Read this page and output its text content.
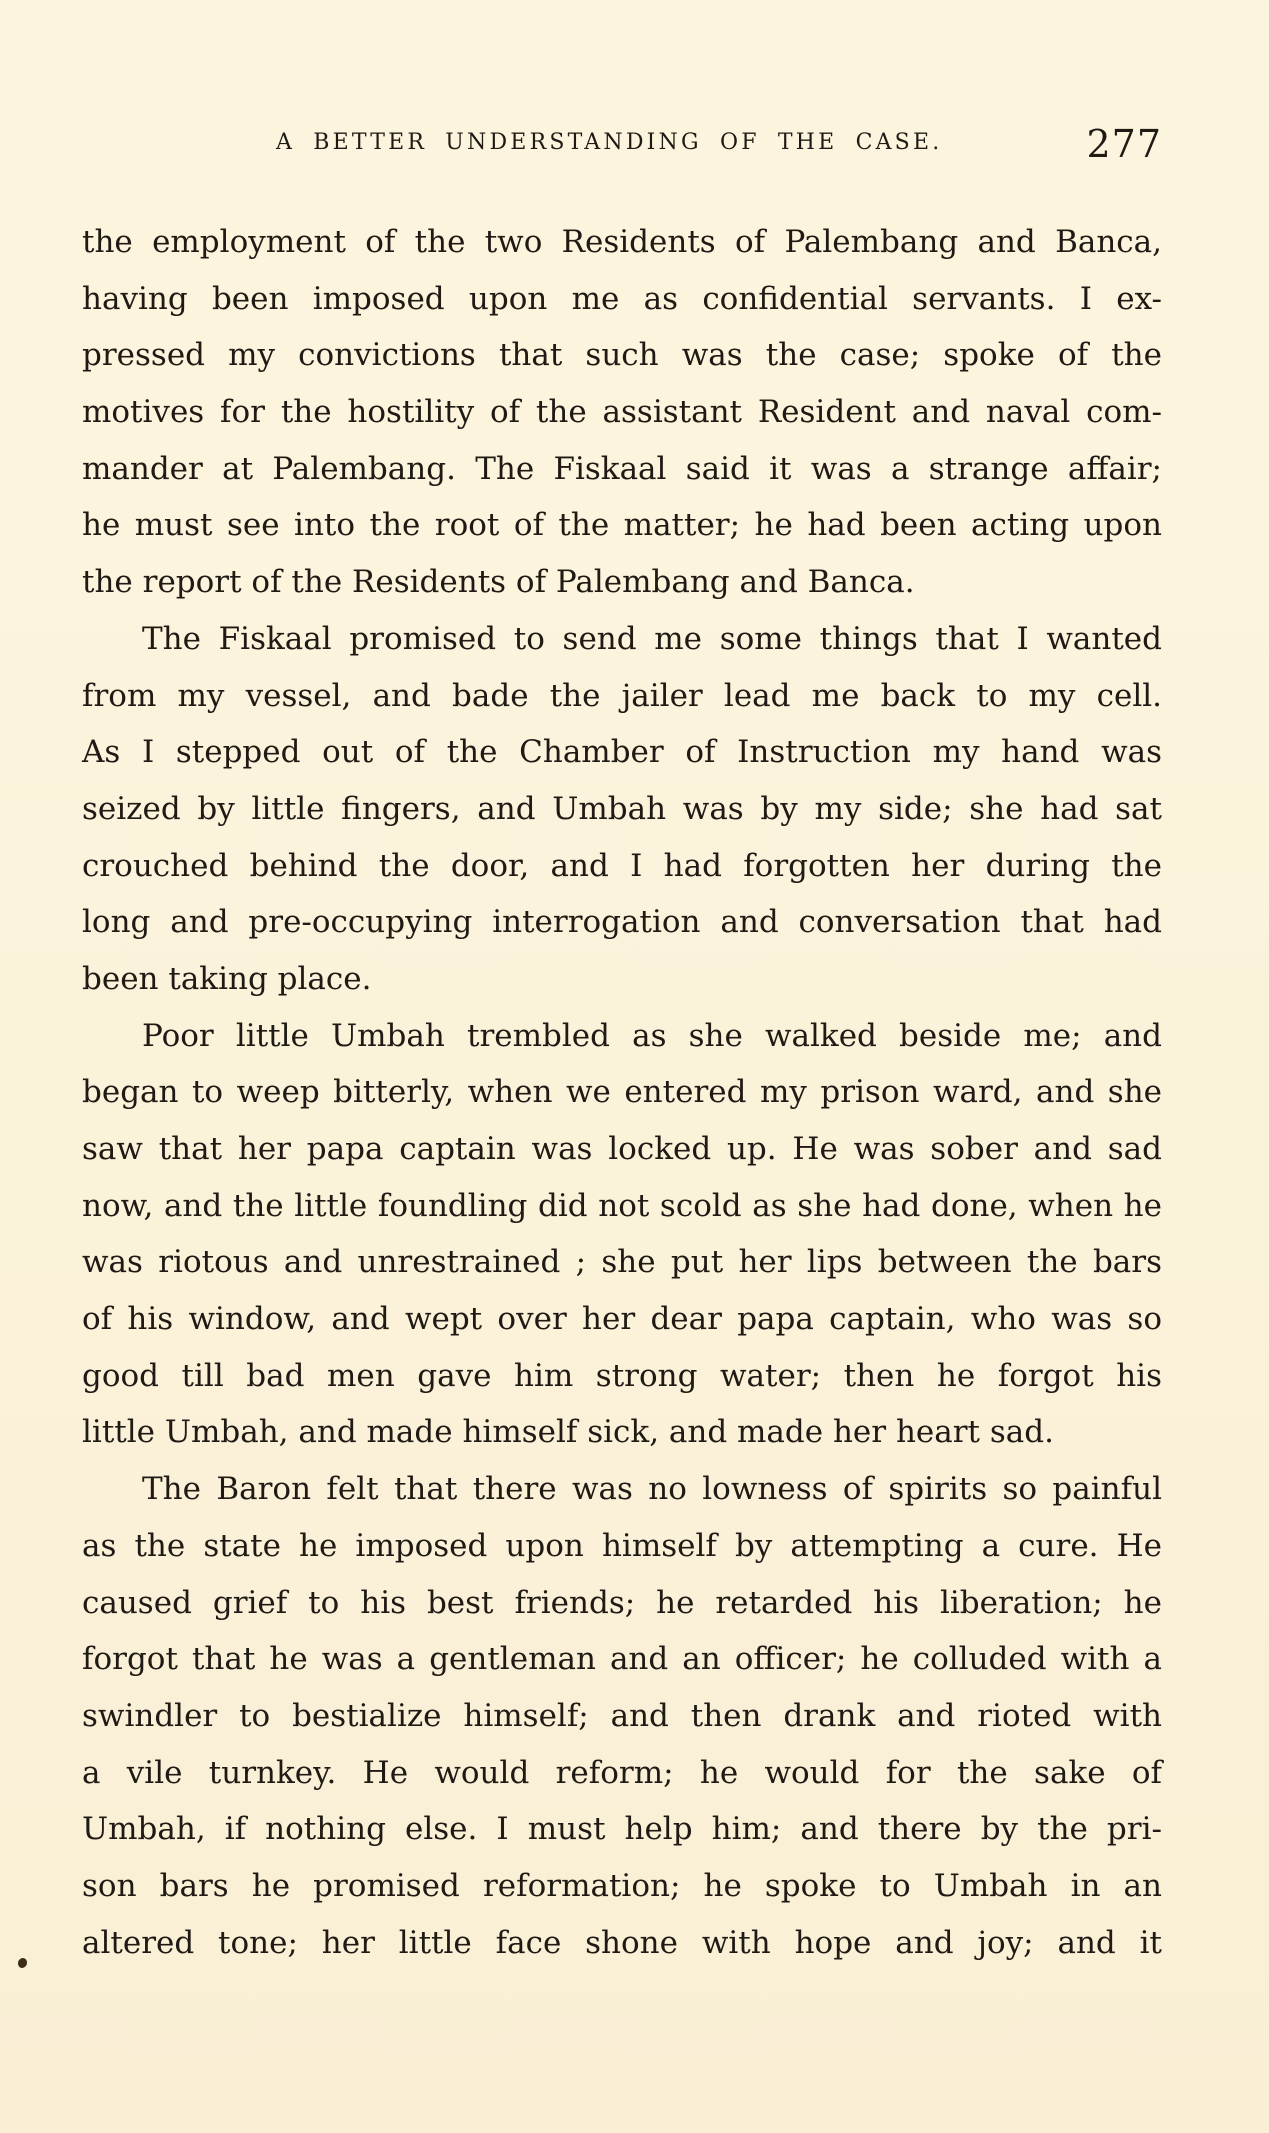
A BETTER UNDERSTANDING OF THE CASE.	277
the employment of the two Residents of Palembang and Banca,
having been imposed upon me as confidential servants. I ex-
pressed my convictions that such was the case; spoke of the
motives for the hostility of the assistant Resident and naval com-
mander at Palembang. The Fiskaal said it was a strange affair;
he must see into the root of the matter; he had been acting upon
the report of the Residents of Palembang and Banca.
The Fiskaal promised to send me some things that I wanted
from my vessel, and bade the jailer lead me back to my cell.
As I stepped out of the Chamber of Instruction my hand was
seized by little fingers, and Umbah was by my side; she had sat
crouched behind the door, and I had forgotten her during the
long and pre-occupying interrogation and conversation that had
been taking place.
Poor little Umbah trembled as she walked beside me; and
began to weep bitterly, when we entered my prison ward, and she
saw that her papa captain was locked up. He was sober and sad
now, and the little foundling did not scold as she had done, when he
was riotous and unrestrained ; she put her lips between the bars
of his window, and wept over her dear papa captain, who was so
good till bad men gave him strong water; then he forgot his
little Umbah, and made himself sick, and made her heart sad.
The Baron felt that there was no lowness of spirits so painful
as the state he imposed upon himself by attempting a cure. He
caused grief to his best friends; he retarded his liberation; he
forgot that he was a gentleman and an officer; he colluded with a
swindler to bestialize himself; and then drank and rioted with
a vile turnkey. He would reform; he would for the sake of
Umbah, if nothing else. I must help him; and there by the pri-
son bars he promised reformation; he spoke to Umbah in an
altered tone; her little face shone with hope and joy; and it
